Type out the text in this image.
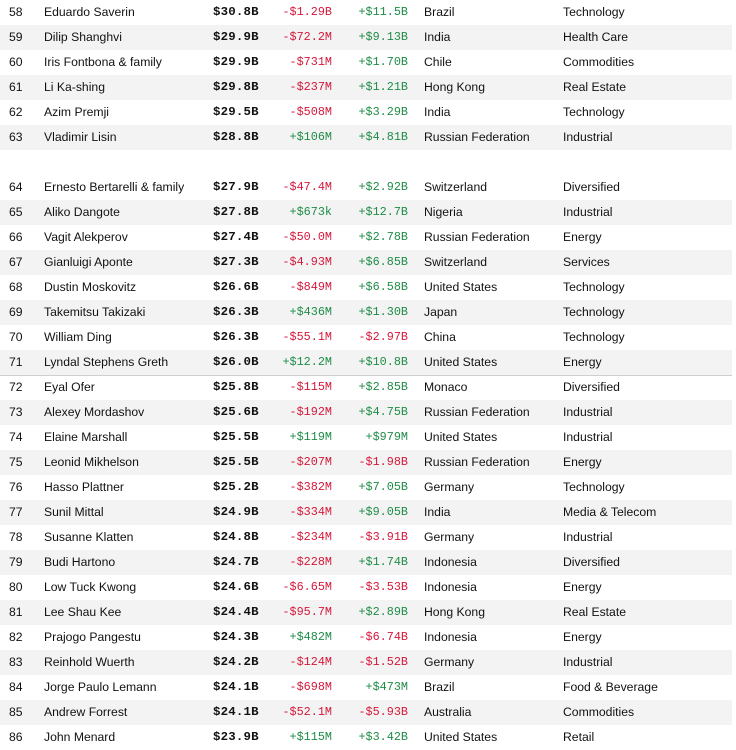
58 Eduardo Saverin	$30.8B	-$1.29B	+$11.5B Brazil	Technology
59 Dilip Shanghvi	$29.9B	-$72.2M	+$9.13B India	Health Care
60 Iris Fontbona & family	$29.9B	-$731M	+$1.70B Chile	Commodities
61 Li Ka-shing	$29.8B	-$237M	+$1.21B Hong Kong	Real Estate
62 Azim Premji	$29.5B	-$508M	+$3.29B India	Technology
63 Vladimir Lisin	$28.8B	+$106M	+$4.81B Russian Federation	Industrial
64 Ernesto Bertarelli & family	$27.9B	-$47.4M	+$2.92B Switzerland	Diversified
65 Aliko Dangote	$27.8B	+$673k	+$12.7B Nigeria	Industrial
66 Vagit Alekperov	$27.4B	-$50.0M	+$2.78B Russian Federation	Energy
67 Gianluigi Aponte	$27.3B	-$4.93M	+$6.85B Switzerland	Services
68 Dustin Moskovitz	$26.6B	-$849M	+$6.58B United States	Technology
69 Takemitsu Takizaki	$26.3B	+$436M	+$1.30B Japan	Technology
70 William Ding	$26.3B	-$55.1M	-$2.97B China	Technology
71 Lyndal Stephens Greth	$26.0B	+$12.2M	+$10.8B United States	Energy
72 Eyal Ofer	$25.8B	-$115M	+$2.85B Monaco	Diversified
73 Alexey Mordashov	$25.6B	-$192M	+$4.75B Russian Federation	Industrial
74 Elaine Marshall	$25.5B	+$119M	+$979M United States	Industrial
75 Leonid Mikhelson	$25.5B	-$207M	-$1.98B Russian Federation	Energy
76 Hasso Plattner	$25.2B	-$382M	+$7.05B Germany	Technology
77 Sunil Mittal	$24.9B	-$334M	+$9.05B India	Media & Telecom
78 Susanne Klatten	$24.8B	-$234M	-$3.91B Germany	Industrial
79 Budi Hartono	$24.7B	-$228M	+$1.74B Indonesia	Diversified
80 Low Tuck Kwong	$24.6B	-$6.65M	-$3.53B Indonesia	Energy
81 Lee Shau Kee	$24.4B	-$95.7M	+$2.89B Hong Kong	Real Estate
82 Prajogo Pangestu	$24.3B	+$482M	-$6.74B Indonesia	Energy
83 Reinhold Wuerth	$24.2B	-$124M	-$1.52B Germany	Industrial
84 Jorge Paulo Lemann	$24.1B	-$698M	+$473M Brazil	Food & Beverage
85 Andrew Forrest	$24.1B	-$52.1M	-$5.93B Australia	Commodities
86 John Menard	$23.9B	+$115M	+$3.42B United States	Retail
